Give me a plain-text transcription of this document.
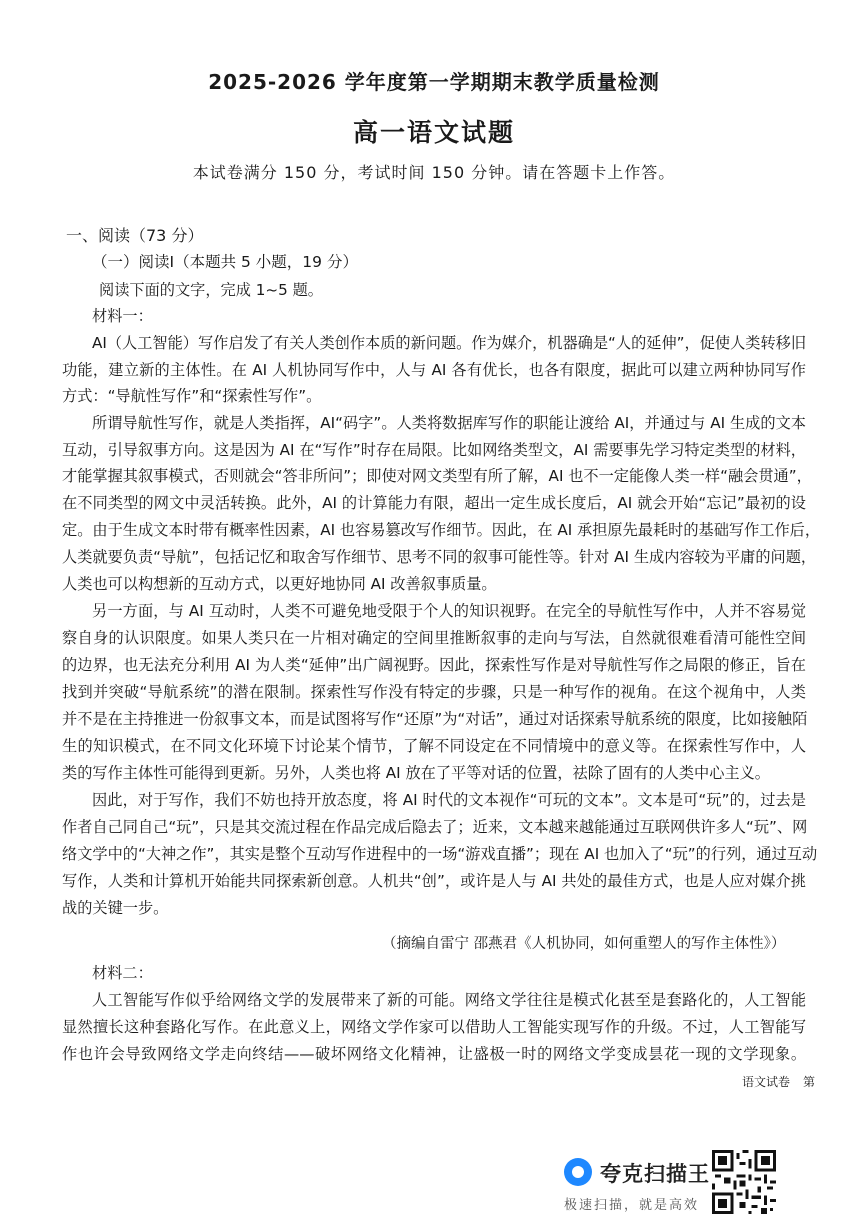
2025-2026 学年度第一学期期末教学质量检测
高一语文试题
本试卷满分 150 分，考试时间 150 分钟。请在答题卡上作答。
一、阅读（73 分）
（一）阅读Ⅰ（本题共 5 小题，19 分）
阅读下面的文字，完成 1~5 题。
材料一：
AI（人工智能）写作启发了有关人类创作本质的新问题。作为媒介，机器确是“人的延伸”，促使人类转移旧
功能，建立新的主体性。在 AI 人机协同写作中，人与 AI 各有优长，也各有限度，据此可以建立两种协同写作
方式：“导航性写作”和“探索性写作”。
所谓导航性写作，就是人类指挥，AI“码字”。人类将数据库写作的职能让渡给 AI，并通过与 AI 生成的文本
互动，引导叙事方向。这是因为 AI 在“写作”时存在局限。比如网络类型文，AI 需要事先学习特定类型的材料，
才能掌握其叙事模式，否则就会“答非所问”；即使对网文类型有所了解，AI 也不一定能像人类一样“融会贯通”，
在不同类型的网文中灵活转换。此外，AI 的计算能力有限，超出一定生成长度后，AI 就会开始“忘记”最初的设
定。由于生成文本时带有概率性因素，AI 也容易篡改写作细节。因此，在 AI 承担原先最耗时的基础写作工作后，
人类就要负责“导航”，包括记忆和取舍写作细节、思考不同的叙事可能性等。针对 AI 生成内容较为平庸的问题，
人类也可以构想新的互动方式，以更好地协同 AI 改善叙事质量。
另一方面，与 AI 互动时，人类不可避免地受限于个人的知识视野。在完全的导航性写作中，人并不容易觉
察自身的认识限度。如果人类只在一片相对确定的空间里推断叙事的走向与写法，自然就很难看清可能性空间
的边界，也无法充分利用 AI 为人类“延伸”出广阔视野。因此，探索性写作是对导航性写作之局限的修正，旨在
找到并突破“导航系统”的潜在限制。探索性写作没有特定的步骤，只是一种写作的视角。在这个视角中，人类
并不是在主持推进一份叙事文本，而是试图将写作“还原”为“对话”，通过对话探索导航系统的限度，比如接触陌
生的知识模式，在不同文化环境下讨论某个情节，了解不同设定在不同情境中的意义等。在探索性写作中，人
类的写作主体性可能得到更新。另外，人类也将 AI 放在了平等对话的位置，祛除了固有的人类中心主义。
因此，对于写作，我们不妨也持开放态度，将 AI 时代的文本视作“可玩的文本”。文本是可“玩”的，过去是
作者自己同自己“玩”，只是其交流过程在作品完成后隐去了；近来，文本越来越能通过互联网供许多人“玩”、网
络文学中的“大神之作”，其实是整个互动写作进程中的一场“游戏直播”；现在 AI 也加入了“玩”的行列，通过互动
写作，人类和计算机开始能共同探索新创意。人机共“创”，或许是人与 AI 共处的最佳方式，也是人应对媒介挑
战的关键一步。
（摘编自雷宁 邵燕君《人机协同，如何重塑人的写作主体性》）
材料二：
人工智能写作似乎给网络文学的发展带来了新的可能。网络文学往往是模式化甚至是套路化的，人工智能
显然擅长这种套路化写作。在此意义上，网络文学作家可以借助人工智能实现写作的升级。不过，人工智能写
作也许会导致网络文学走向终结——破坏网络文化精神，让盛极一时的网络文学变成昙花一现的文学现象。
语文试卷 第
夸克扫描王
极速扫描，就是高效
